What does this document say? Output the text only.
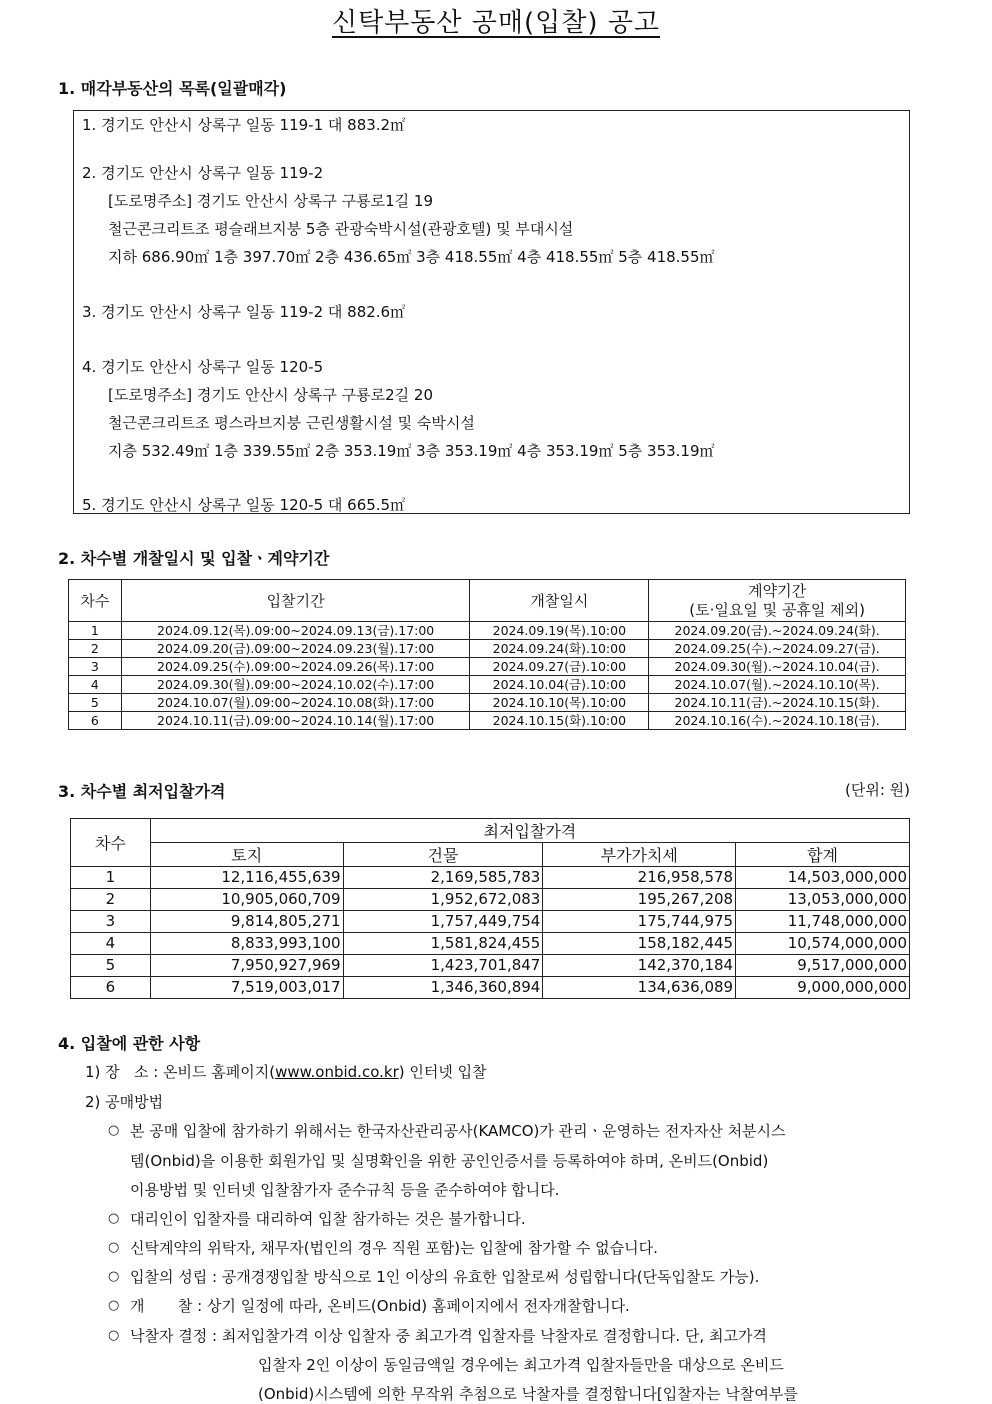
신탁부동산 공매(입찰) 공고
1. 매각부동산의 목록(일괄매각)
1. 경기도 안산시 상록구 일동 119-1 대 883.2㎡
2. 경기도 안산시 상록구 일동 119-2
[도로명주소] 경기도 안산시 상록구 구룡로1길 19
철근콘크리트조 평슬래브지붕 5층 관광숙박시설(관광호텔) 및 부대시설
지하 686.90㎡ 1층 397.70㎡ 2층 436.65㎡ 3층 418.55㎡ 4층 418.55㎡ 5층 418.55㎡
3. 경기도 안산시 상록구 일동 119-2 대 882.6㎡
4. 경기도 안산시 상록구 일동 120-5
[도로명주소] 경기도 안산시 상록구 구룡로2길 20
철근콘크리트조 평스라브지붕 근린생활시설 및 숙박시설
지층 532.49㎡ 1층 339.55㎡ 2층 353.19㎡ 3층 353.19㎡ 4층 353.19㎡ 5층 353.19㎡
5. 경기도 안산시 상록구 일동 120-5 대 665.5㎡
2. 차수별 개찰일시 및 입찰ㆍ계약기간
차수	입찰기간	개찰일시	계약기간
(토·일요일 및 공휴일 제외)

1	2024.09.12(목).09:00~2024.09.13(금).17:00	2024.09.19(목).10:00	2024.09.20(금).~2024.09.24(화).
2	2024.09.20(금).09:00~2024.09.23(월).17:00	2024.09.24(화).10:00	2024.09.25(수).~2024.09.27(금).
3	2024.09.25(수).09:00~2024.09.26(목).17:00	2024.09.27(금).10:00	2024.09.30(월).~2024.10.04(금).
4	2024.09.30(월).09:00~2024.10.02(수).17:00	2024.10.04(금).10:00	2024.10.07(월).~2024.10.10(목).
5	2024.10.07(월).09:00~2024.10.08(화).17:00	2024.10.10(목).10:00	2024.10.11(금).~2024.10.15(화).
6	2024.10.11(금).09:00~2024.10.14(월).17:00	2024.10.15(화).10:00	2024.10.16(수).~2024.10.18(금).
3. 차수별 최저입찰가격	(단위: 원)
차수	최저입찰가격			
	토지	건물	부가가치세	합계
1	12,116,455,639	2,169,585,783	216,958,578	14,503,000,000
2	10,905,060,709	1,952,672,083	195,267,208	13,053,000,000
3	9,814,805,271	1,757,449,754	175,744,975	11,748,000,000
4	8,833,993,100	1,581,824,455	158,182,445	10,574,000,000
5	7,950,927,969	1,423,701,847	142,370,184	9,517,000,000
6	7,519,003,017	1,346,360,894	134,636,089	9,000,000,000
4. 입찰에 관한 사항
1) 장   소 : 온비드 홈페이지(www.onbid.co.kr) 인터넷 입찰
2) 공매방법
○ 본 공매 입찰에 참가하기 위해서는 한국자산관리공사(KAMCO)가 관리ㆍ운영하는 전자자산 처분시스
템(Onbid)을 이용한 회원가입 및 실명확인을 위한 공인인증서를 등록하여야 하며, 온비드(Onbid)
이용방법 및 인터넷 입찰참가자 준수규칙 등을 준수하여야 합니다.
○ 대리인이 입찰자를 대리하여 입찰 참가하는 것은 불가합니다.
○ 신탁계약의 위탁자, 채무자(법인의 경우 직원 포함)는 입찰에 참가할 수 없습니다.
○ 입찰의 성립 : 공개경쟁입찰 방식으로 1인 이상의 유효한 입찰로써 성립합니다(단독입찰도 가능).
○ 개       찰 : 상기 일정에 따라, 온비드(Onbid) 홈페이지에서 전자개찰합니다.
○ 낙찰자 결정 : 최저입찰가격 이상 입찰자 중 최고가격 입찰자를 낙찰자로 결정합니다. 단, 최고가격
입찰자 2인 이상이 동일금액일 경우에는 최고가격 입찰자들만을 대상으로 온비드
(Onbid)시스템에 의한 무작위 추첨으로 낙찰자를 결정합니다[입찰자는 낙찰여부를
